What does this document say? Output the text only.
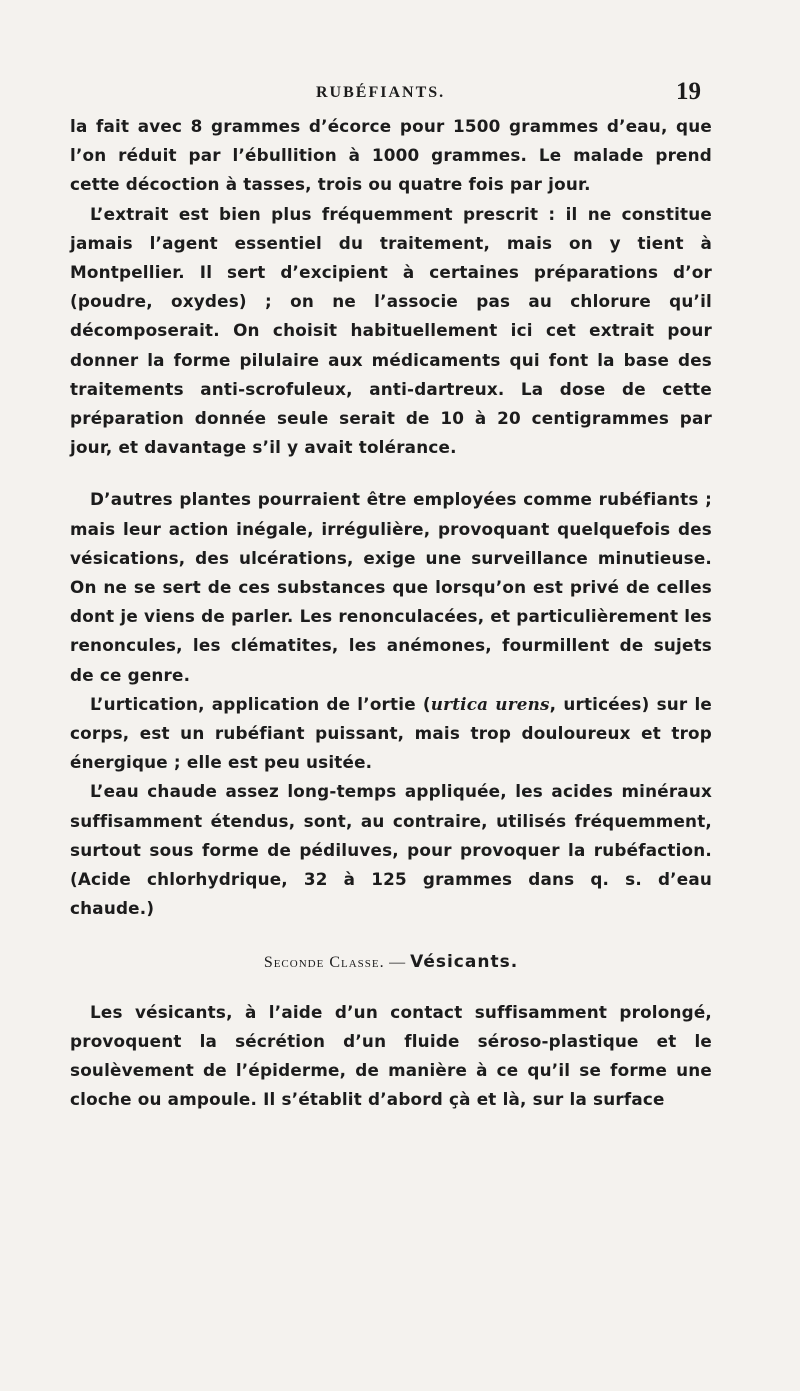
RUBÉFIANTS.	19

la fait avec 8 grammes d’écorce pour 1500 grammes d’eau, que l’on réduit par l’ébullition à 1000 grammes. Le malade prend cette décoction à tasses, trois ou quatre fois par jour.

L’extrait est bien plus fréquemment prescrit : il ne constitue jamais l’agent essentiel du traitement, mais on y tient à Montpellier. Il sert d’excipient à certaines préparations d’or (poudre, oxydes) ; on ne l’associe pas au chlorure qu’il décomposerait. On choisit habituellement ici cet extrait pour donner la forme pilulaire aux médicaments qui font la base des traitements anti-scrofuleux, anti-dartreux. La dose de cette préparation donnée seule serait de 10 à 20 centigrammes par jour, et davantage s’il y avait tolérance.

D’autres plantes pourraient être employées comme rubéfiants ; mais leur action inégale, irrégulière, provoquant quelquefois des vésications, des ulcérations, exige une surveillance minutieuse. On ne se sert de ces substances que lorsqu’on est privé de celles dont je viens de parler. Les renonculacées, et particulièrement les renoncules, les clématites, les anémones, fourmillent de sujets de ce genre.

L’urtication, application de l’ortie (urtica urens, urticées) sur le corps, est un rubéfiant puissant, mais trop douloureux et trop énergique ; elle est peu usitée.

L’eau chaude assez long-temps appliquée, les acides minéraux suffisamment étendus, sont, au contraire, utilisés fréquemment, surtout sous forme de pédiluves, pour provoquer la rubéfaction. (Acide chlorhydrique, 32 à 125 grammes dans q. s. d’eau chaude.)

Seconde Classe. — Vésicants.

Les vésicants, à l’aide d’un contact suffisamment prolongé, provoquent la sécrétion d’un fluide séroso-plastique et le soulèvement de l’épiderme, de manière à ce qu’il se forme une cloche ou ampoule. Il s’établit d’abord çà et là, sur la surface
